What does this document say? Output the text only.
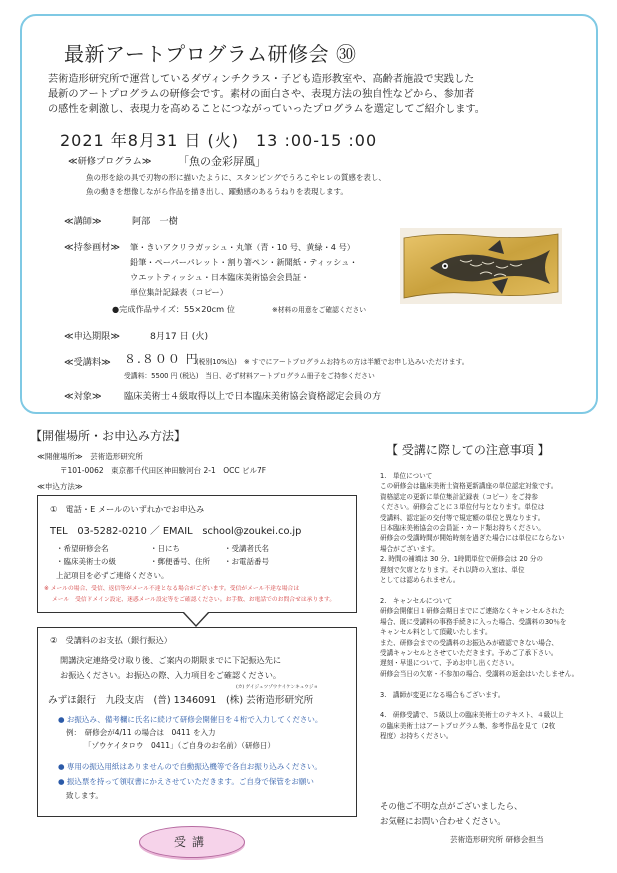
最新アートプログラム研修会 ㉚
芸術造形研究所で運営しているダヴィンチクラス・子ども造形教室や、高齢者施設で実践した
最新のアートプログラムの研修会です。素材の面白さや、表現方法の独自性などから、参加者
の感性を刺激し、表現力を高めることにつながっていったプログラムを選定してご紹介します。
2021 年8月31 日 (火)　13 :00-15 :00
≪研修プログラム≫ 「魚の金彩屏風」
魚の形を絵の具で刃物の形に描いたように、スタンピングでうろこやヒレの質感を表し、
魚の動きを想像しながら作品を描き出し、躍動感のあるうねりを表現します。
≪講師≫	阿部　一樹
≪持参画材≫ 筆・きいアクリラガッシュ・丸筆（青・10 号、黄緑・4 号）
鉛筆・ペーパーパレット・割り箸ペン・新聞紙・ティッシュ・
ウエットティッシュ・日本臨床美術協会会員証・
単位集計記録表（コピー）
●完成作品サイズ：55×20cm 位	※材料の用意をご確認ください
≪申込期限≫	8月17 日 (火)
≪受講料≫ ８.８００ 円
(税別10%込) ※ すでにアートプログラムお持ちの方は半額でお申し込みいただけます。
受講料：5500 円 (税込)　当日、必ず材料アートプログラム冊子をご持参ください
≪対象≫ 臨床美術士４級取得以上で日本臨床美術協会資格認定会員の方
【開催場所・お申込み方法】
≪開催場所≫　芸術造形研究所
〒101-0062　東京都千代田区神田駿河台 2-1　OCC ビル7F
≪申込方法≫
①　電話・E メールのいずれかでお申込み
TEL　03-5282-0210 ／ EMAIL　school@zoukei.co.jp
・希望研修会名	・日にち	・受講者氏名
・臨床美術士の級	・郵便番号、住所 ・お電話番号
上記項目を必ずご連絡ください。
※ メールの場合、受信、返信等がメール不達となる場合がございます。受信がメール不達な場合は
メール　受信ドメイン設定、迷惑メール設定等をご確認ください。お手数、お電話でのお問合せは承ります。
②　受講料のお支払（銀行振込）
開講決定連絡受け取り後、ご案内の期限までに下記振込先に
お振込ください。お振込の際、入力項目をご確認ください。
(カ) ゲイジュツゾウケイケンキュウジョ
みずほ銀行　九段支店　(普) 1346091　(株) 芸術造形研究所
● お振込み、備考欄に氏名に続けて研修会開催日を４桁で入力してください。
例：　研修会が4/11 の場合は　0411 を入力
「ゾウケイタロウ　0411」（ご自身のお名前）（研修日）
● 専用の振込用紙はありませんので自動振込機等で各自お振り込みください。
● 振込票を持って領収書にかえさせていただきます。ご自身で保管をお願い
致します。
受講
【 受講に際しての注意事項 】
1.　単位について
この研修会は臨床美術士資格更新講座の単位認定対象です。
資格認定の更新に単位集計記録表（コピー）をご持参
ください。研修会ごとに３単位付与となります。単位は
受講料、認定証の交付等で規定額の単位と異なります。
日本臨床美術協会の会員証・カード類お持ちください。
研修会の受講時間が開始時刻を過ぎた場合には単位にならない
場合がございます。
2. 時間の補填は 30 分、1時間単位で研修会は 20 分の
遅刻で欠席となります。それ以降の入室は、単位
としては認められません。

2.　キャンセルについて
研修会開催日１研修会期日までにご連絡なくキャンセルされた
場合、既に受講料の事務手続きに入った場合、受講料の30％を
キャンセル料として頂戴いたします。
また、研修会までの受講料のお振込みが確認できない場合、
受講キャンセルとさせていただきます。予めご了承下さい。
遅刻・早退について、予めお申し出ください。
研修会当日の欠席・不参加の場合、受講料の返金はいたしません。

3.　講師が変更になる場合もございます。

4.　研修受講で、５級以上の臨床美術士のテキスト、４級以上
の臨床美術士はアートプログラム集、参考作品を見て（2枚
程度）お持ちください。
その他ご不明な点がございましたら、
お気軽にお問い合わせください。
芸術造形研究所 研修会担当
